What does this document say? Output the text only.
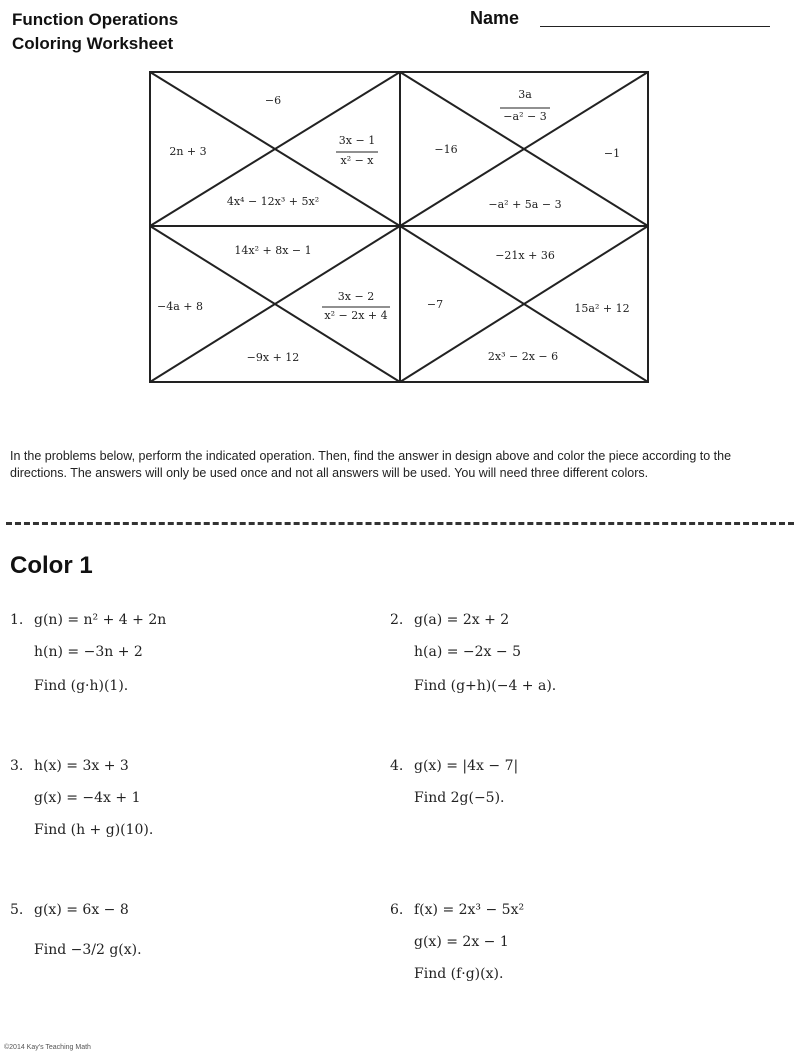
Function Operations
Coloring Worksheet
Name
−6
2n + 3
3x − 1
x² − x
4x⁴ − 12x³ + 5x²
3a
−a² − 3
−16	−1
−a² + 5a − 3
14x² + 8x − 1
−4a + 8
3x − 2
x² − 2x + 4
−9x + 12
−21x + 36
−7	15a² + 12
2x³ − 2x − 6
In the problems below, perform the indicated operation. Then, find the answer in design above and color the piece according to the directions. The answers will only be used once and not all answers will be used. You will need three different colors.
Color 1
1. g(n) = n² + 4 + 2n
h(n) = −3n + 2
Find (g·h)(1).
2. g(a) = 2x + 2
h(a) = −2x − 5
Find (g+h)(−4 + a).
3. h(x) = 3x + 3
g(x) = −4x + 1
Find (h + g)(10).
4. g(x) = |4x − 7|
Find 2g(−5).
5. g(x) = 6x − 8
Find −3/2 g(x).
6. f(x) = 2x³ − 5x²
g(x) = 2x − 1
Find (f·g)(x).
©2014 Kay's Teaching Math
